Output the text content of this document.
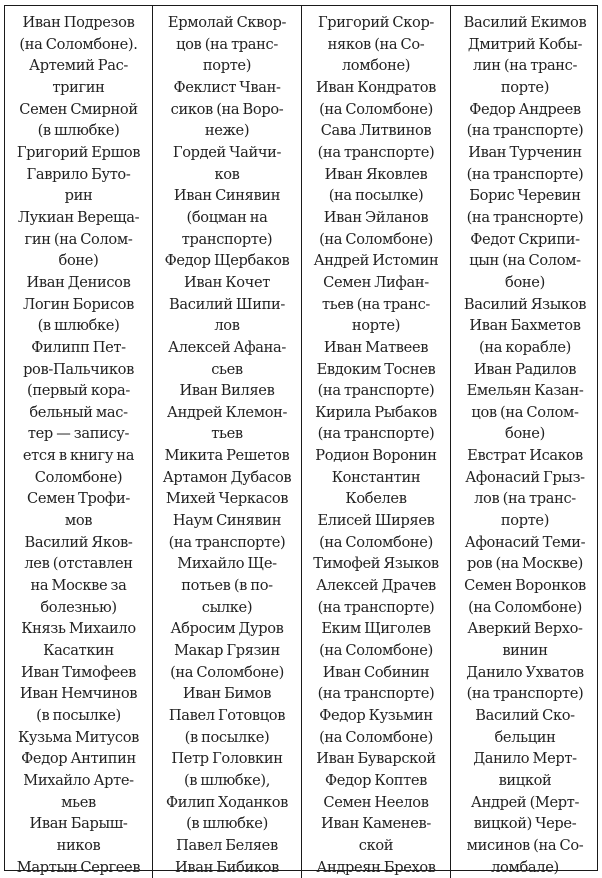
Иван Подрезов
(на Соломбоне).
Артемий Рас-
тригин
Семен Смирной
(в шлюбке)
Григорий Ершов
Гаврило Буто-
рин
Лукиан Вереща-
гин (на Солом-
боне)
Иван Денисов
Логин Борисов
(в шлюбке)
Филипп Пет-
ров-Пальчиков
(первый кора-
бельный мас-
тер — запису-
ется в книгу на
Соломбоне)
Семен Трофи-
мов
Василий Яков-
лев (отставлен
на Москве за
болезнью)
Князь Михаило
Касаткин
Иван Тимофеев
Иван Немчинов
(в посылке)
Кузьма Митусов
Федор Антипин
Михайло Арте-
мьев
Иван Барыш-
ников
Мартын Сергеев
Ермолай Сквор-
цов (на транс-
порте)
Феклист Чван-
сиков (на Воро-
неже)
Гордей Чайчи-
ков
Иван Синявин
(боцман на
транспорте)
Федор Щербаков
Иван Кочет
Василий Шипи-
лов
Алексей Афана-
сьев
Иван Виляев
Андрей Клемон-
тьев
Микита Решетов
Артамон Дубасов
Михей Черкасов
Наум Синявин
(на транспорте)
Михайло Ще-
потьев (в по-
сылке)
Абросим Дуров
Макар Грязин
(на Соломбоне)
Иван Бимов
Павел Готовцов
(в посылке)
Петр Головкин
(в шлюбке),
Филип Ходанков
(в шлюбке)
Павел Беляев
Иван Бибиков
Григорий Скор-
няков (на Со-
ломбоне)
Иван Кондратов
(на Соломбоне)
Сава Литвинов
(на транспорте)
Иван Яковлев
(на посылке)
Иван Эйланов
(на Соломбоне)
Андрей Истомин
Семен Лифан-
тьев (на транс-
норте)
Иван Матвеев
Евдоким Тоснев
(на транспорте)
Кирила Рыбаков
(на транспорте)
Родион Воронин
Константин
Кобелев
Елисей Ширяев
(на Соломбоне)
Тимофей Языков
Алексей Драчев
(на транспорте)
Еким Щиголев
(на Соломбоне)
Иван Собинин
(на транспорте)
Федор Кузьмин
(на Соломбоне)
Иван Буварской
Федор Коптев
Семен Неелов
Иван Каменев-
ской
Андреян Брехов
Василий Екимов
Дмитрий Кобы-
лин (на транс-
порте)
Федор Андреев
(на транспорте)
Иван Турченин
(на транспорте)
Борис Черевин
(на транснорте)
Федот Скрипи-
цын (на Солом-
боне)
Василий Языков
Иван Бахметов
(на корабле)
Иван Радилов
Емельян Казан-
цов (на Солом-
боне)
Евстрат Исаков
Афонасий Грыз-
лов (на транс-
порте)
Афонасий Теми-
ров (на Москве)
Семен Воронков
(на Соломбоне)
Аверкий Верхо-
винин
Данило Ухватов
(на транспорте)
Василий Ско-
бельцин
Данило Мерт-
вицкой
Андрей (Мерт-
вицкой) Чере-
мисинов (на Со-
ломбале)
